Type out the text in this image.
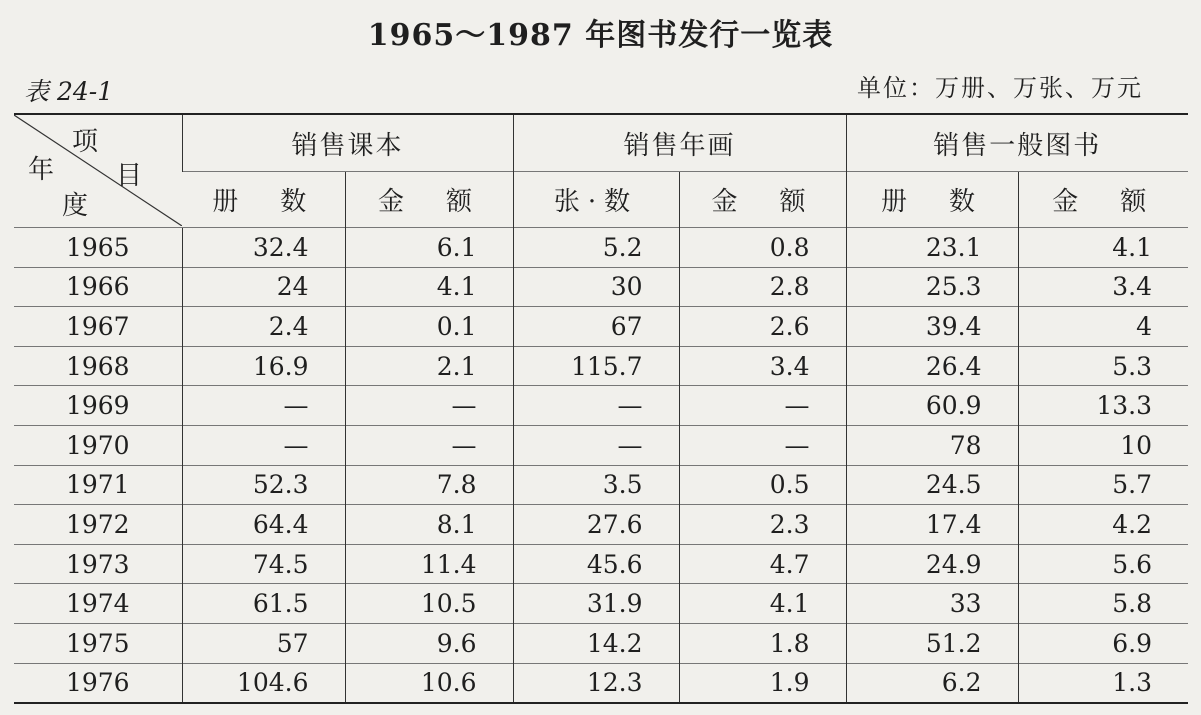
1965～1987 年图书发行一览表
表 24-1	单位：万册、万张、万元
项
目
年
度	销售课本		销售年画		销售一般图书	
	册　数	金　额	张·数	金　额	册　数	金　额
1965	32.4	6.1	5.2	0.8	23.1	4.1
1966	24	4.1	30	2.8	25.3	3.4
1967	2.4	0.1	67	2.6	39.4	4
1968	16.9	2.1	115.7	3.4	26.4	5.3
1969	—	—	—	—	60.9	13.3
1970	—	—	—	—	78	10
1971	52.3	7.8	3.5	0.5	24.5	5.7
1972	64.4	8.1	27.6	2.3	17.4	4.2
1973	74.5	11.4	45.6	4.7	24.9	5.6
1974	61.5	10.5	31.9	4.1	33	5.8
1975	57	9.6	14.2	1.8	51.2	6.9
1976	104.6	10.6	12.3	1.9	6.2	1.3
